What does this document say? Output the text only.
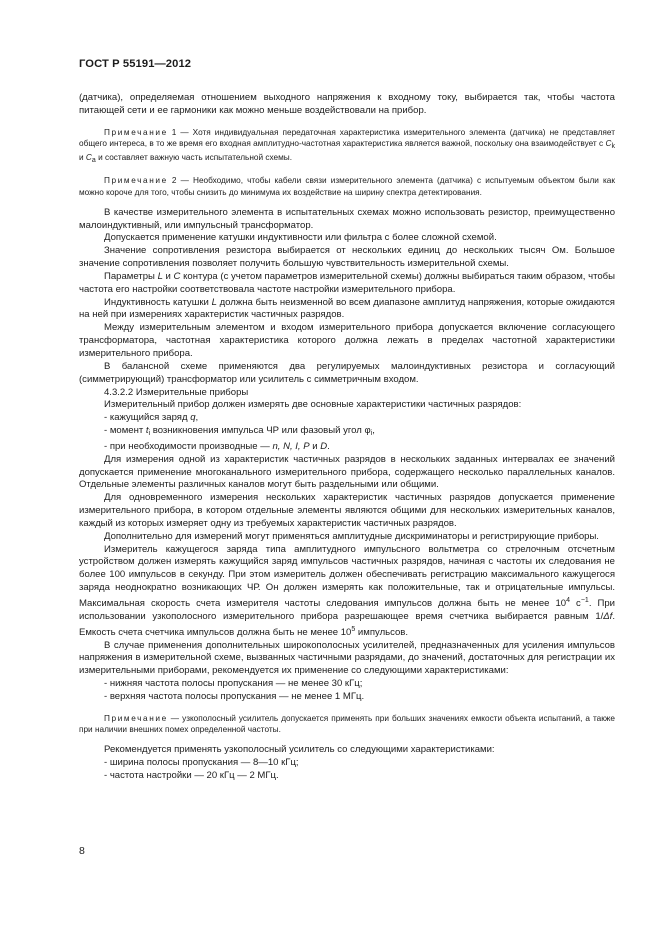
ГОСТ Р 55191—2012

(датчика), определяемая отношением выходного напряжения к входному току, выбирается так, чтобы частота питающей сети и ее гармоники как можно меньше воздействовали на прибор.

Примечание 1 — Хотя индивидуальная передаточная характеристика измерительного элемента (датчика) не представляет общего интереса, в то же время его входная амплитудно-частотная характеристика является важной, поскольку она взаимодействует с $C_k$ и $C_a$ и составляет важную часть испытательной схемы.

Примечание 2 — Необходимо, чтобы кабели связи измерительного элемента (датчика) с испытуемым объектом были как можно короче для того, чтобы снизить до минимума их воздействие на ширину спектра детектирования.

В качестве измерительного элемента в испытательных схемах можно использовать резистор, преимущественно малоиндуктивный, или импульсный трансформатор.

Допускается применение катушки индуктивности или фильтра с более сложной схемой.

Значение сопротивления резистора выбирается от нескольких единиц до нескольких тысяч Ом. Большое значение сопротивления позволяет получить большую чувствительность измерительной схемы.

Параметры L и C контура (с учетом параметров измерительной схемы) должны выбираться таким образом, чтобы частота его настройки соответствовала частоте настройки измерительного прибора.

Индуктивность катушки L должна быть неизменной во всем диапазоне амплитуд напряжения, которые ожидаются на ней при измерениях характеристик частичных разрядов.

Между измерительным элементом и входом измерительного прибора допускается включение согласующего трансформатора, частотная характеристика которого должна лежать в пределах частотной характеристики измерительного прибора.

В балансной схеме применяются два регулируемых малоиндуктивных резистора и согласующий (симметрирующий) трансформатор или усилитель с симметричным входом.

4.3.2.2 Измерительные приборы

Измерительный прибор должен измерять две основные характеристики частичных разрядов:

- кажущийся заряд q,

- момент $t_i$ возникновения импульса ЧР или фазовый угол $\varphi_i$,

- при необходимости производные — n, N, I, P и D.

Для измерения одной из характеристик частичных разрядов в нескольких заданных интервалах ее значений допускается применение многоканального измерительного прибора, содержащего несколько параллельных каналов. Отдельные элементы различных каналов могут быть раздельными или общими.

Для одновременного измерения нескольких характеристик частичных разрядов допускается применение измерительного прибора, в котором отдельные элементы являются общими для нескольких измерительных каналов, каждый из которых измеряет одну из требуемых характеристик частичных разрядов.

Дополнительно для измерений могут применяться амплитудные дискриминаторы и регистрирующие приборы.

Измеритель кажущегося заряда типа амплитудного импульсного вольтметра со стрелочным отсчетным устройством должен измерять кажущийся заряд импульсов частичных разрядов, начиная с частоты их следования не более 100 импульсов в секунду. При этом измеритель должен обеспечивать регистрацию максимального кажущегося заряда неоднократно возникающих ЧР. Он должен измерять как положительные, так и отрицательные импульсы. Максимальная скорость счета измерителя частоты следования импульсов должна быть не менее $10^4$ $с^{-1}$. При использовании узкополосного измерительного прибора разрешающее время счетчика выбирается равным 1/Δf. Емкость счета счетчика импульсов должна быть не менее $10^5$ импульсов.

В случае применения дополнительных широкополосных усилителей, предназначенных для усиления импульсов напряжения в измерительной схеме, вызванных частичными разрядами, до значений, достаточных для регистрации их измерительными приборами, рекомендуется их применение со следующими характеристиками:

- нижняя частота полосы пропускания — не менее 30 кГц;

- верхняя частота полосы пропускания — не менее 1 МГц.

Примечание — узкополосный усилитель допускается применять при больших значениях емкости объекта испытаний, а также при наличии внешних помех определенной частоты.

Рекомендуется применять узкополосный усилитель со следующими характеристиками:

- ширина полосы пропускания — 8—10 кГц;

- частота настройки — 20 кГц — 2 МГц.

8
